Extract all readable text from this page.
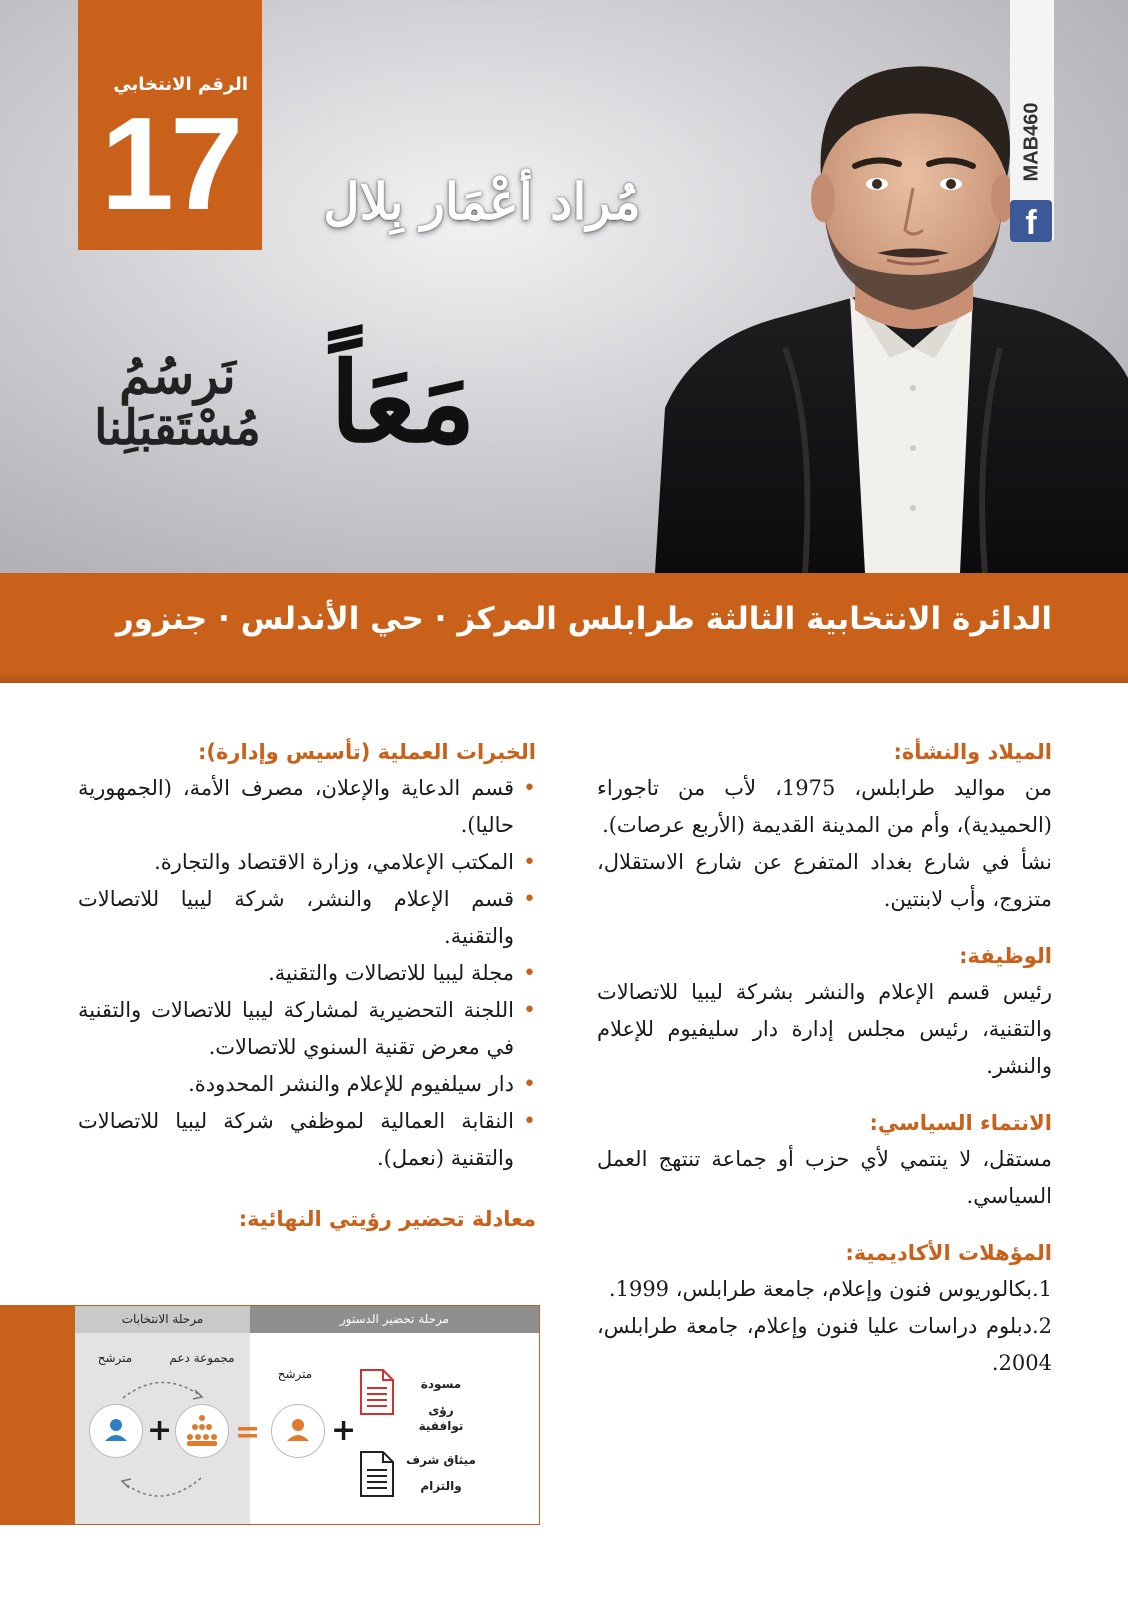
الرقم الانتخابي
17	مُراد أعْمَار بِلال
مَعَاً
نَرسُمُ
مُسْتَقبَلِنا
MAB460
f
الدائرة الانتخابية الثالثة طرابلس المركز · حي الأندلس · جنزور
الميلاد والنشأة:

من مواليد طرابلس، 1975، لأب من تاجوراء (الحميدية)، وأم من المدينة القديمة (الأربع عرصات).

نشأ في شارع بغداد المتفرع عن شارع الاستقلال، متزوج، وأب لابنتين.

الوظيفة:

رئيس قسم الإعلام والنشر بشركة ليبيا للاتصالات والتقنية، رئيس مجلس إدارة دار سليفيوم للإعلام والنشر.

الانتماء السياسي:

مستقل، لا ينتمي لأي حزب أو جماعة تنتهج العمل السياسي.

المؤهلات الأكاديمية:

1.بكالوريوس فنون وإعلام، جامعة طرابلس، 1999.

2.دبلوم دراسات عليا فنون وإعلام، جامعة طرابلس، 2004.

الخبرات العملية (تأسيس وإدارة):
• قسم الدعاية والإعلان، مصرف الأمة، (الجمهورية حاليا).
• المكتب الإعلامي، وزارة الاقتصاد والتجارة.
• قسم الإعلام والنشر، شركة ليبيا للاتصالات والتقنية.
• مجلة ليبيا للاتصالات والتقنية.
• اللجنة التحضيرية لمشاركة ليبيا للاتصالات والتقنية في معرض تقنية السنوي للاتصالات.
• دار سيلفيوم للإعلام والنشر المحدودة.
• النقابة العمالية لموظفي شركة ليبيا للاتصالات والتقنية (نعمل).
معادلة تحضير رؤيتي النهائية:
مرحلة الانتخابات	مرحلة تحضير الدستور
مترشح	مجموعة دعم
+ =
مترشح
+
مسودة
رؤى توافقية
ميثاق شرف
والتزام
